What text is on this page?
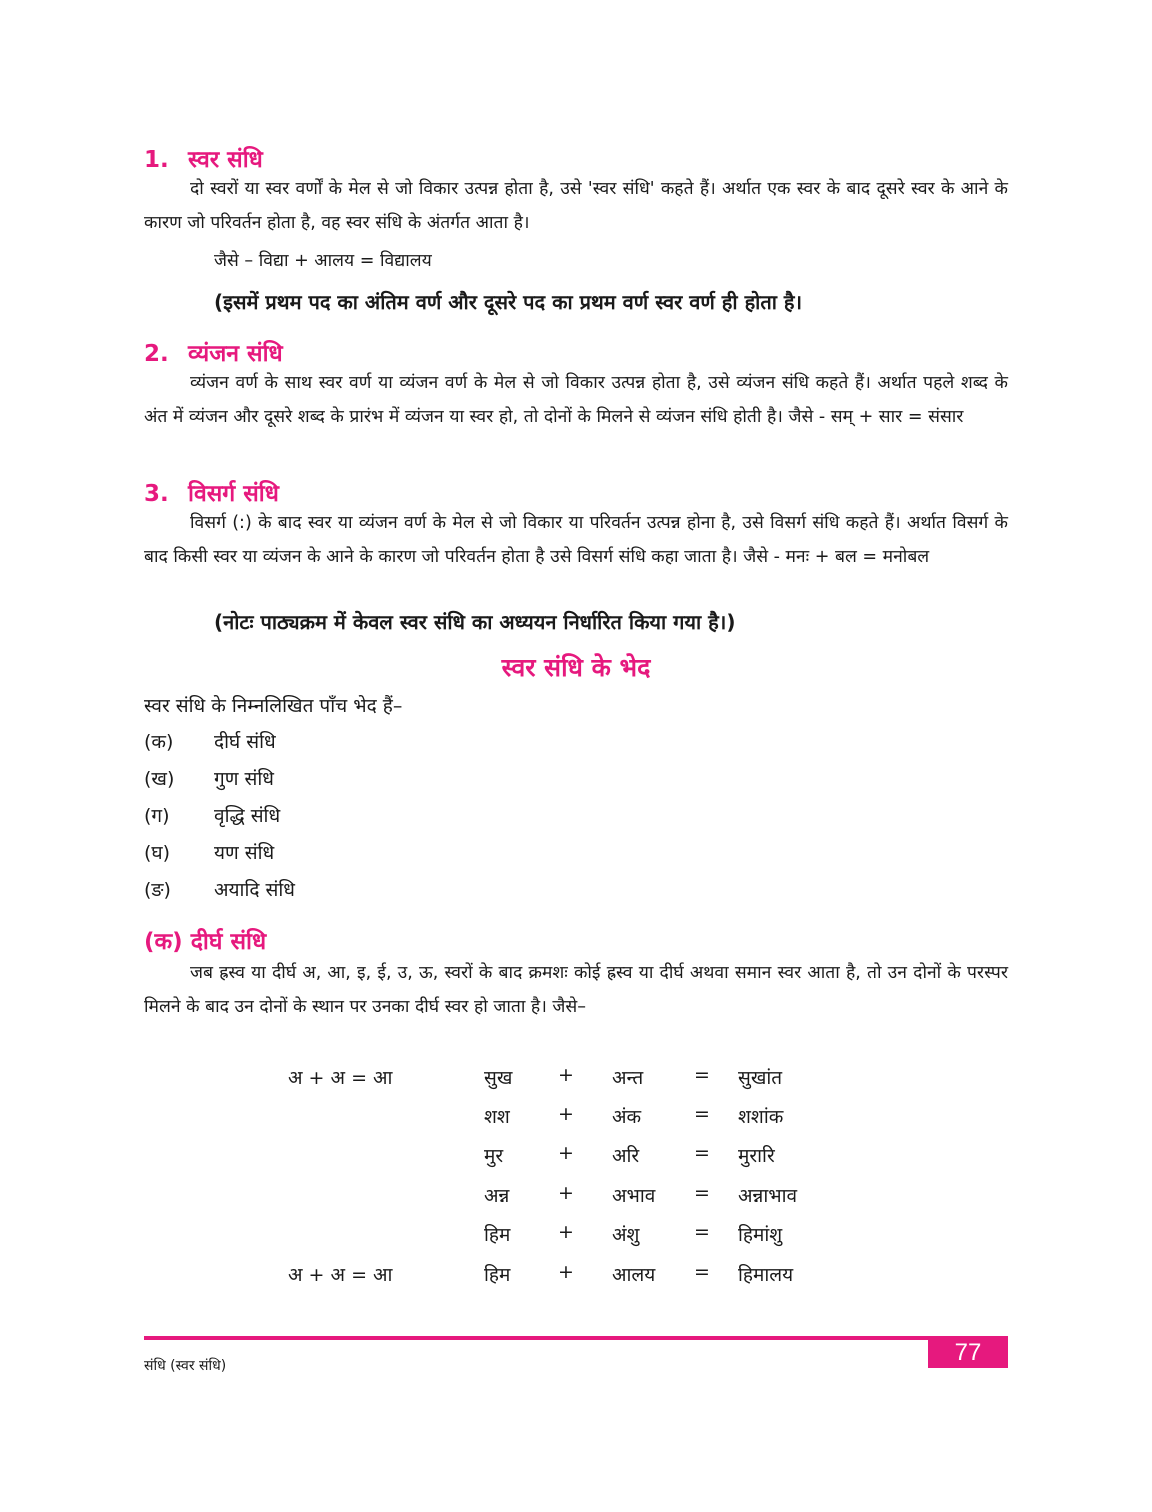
1. स्वर संधि
दो स्वरों या स्वर वर्णों के मेल से जो विकार उत्पन्न होता है, उसे 'स्वर संधि' कहते हैं। अर्थात एक स्वर के बाद दूसरे स्वर के आने के कारण जो परिवर्तन होता है, वह स्वर संधि के अंतर्गत आता है।
जैसे – विद्या + आलय = विद्यालय
(इसमें प्रथम पद का अंतिम वर्ण और दूसरे पद का प्रथम वर्ण स्वर वर्ण ही होता है।
2. व्यंजन संधि
व्यंजन वर्ण के साथ स्वर वर्ण या व्यंजन वर्ण के मेल से जो विकार उत्पन्न होता है, उसे व्यंजन संधि कहते हैं। अर्थात पहले शब्द के अंत में व्यंजन और दूसरे शब्द के प्रारंभ में व्यंजन या स्वर हो, तो दोनों के मिलने से व्यंजन संधि होती है। जैसे - सम् + सार = संसार
3. विसर्ग संधि
विसर्ग (:) के बाद स्वर या व्यंजन वर्ण के मेल से जो विकार या परिवर्तन उत्पन्न होना है, उसे विसर्ग संधि कहते हैं। अर्थात विसर्ग के बाद किसी स्वर या व्यंजन के आने के कारण जो परिवर्तन होता है उसे विसर्ग संधि कहा जाता है। जैसे - मनः + बल = मनोबल
(नोटः पाठ्यक्रम में केवल स्वर संधि का अध्ययन निर्धारित किया गया है।)
स्वर संधि के भेद
स्वर संधि के निम्नलिखित पाँच भेद हैं–
(क) दीर्घ संधि
(ख) गुण संधि
(ग) वृद्धि संधि
(घ) यण संधि
(ङ) अयादि संधि
(क) दीर्घ संधि
जब ह्रस्व या दीर्घ अ, आ, इ, ई, उ, ऊ, स्वरों के बाद क्रमशः कोई ह्रस्व या दीर्घ अथवा समान स्वर आता है, तो उन दोनों के परस्पर मिलने के बाद उन दोनों के स्थान पर उनका दीर्घ स्वर हो जाता है। जैसे–
अ + अ = आ	सुख + अन्त	= सुखांत
शश	+ अंक	= शशांक
मुर	+ अरि	= मुरारि
अन्न	+ अभाव = अन्नाभाव
हिम	+ अंशु	= हिमांशु
अ + अ = आ	हिम	+ आलय = हिमालय
77
संधि (स्वर संधि)
